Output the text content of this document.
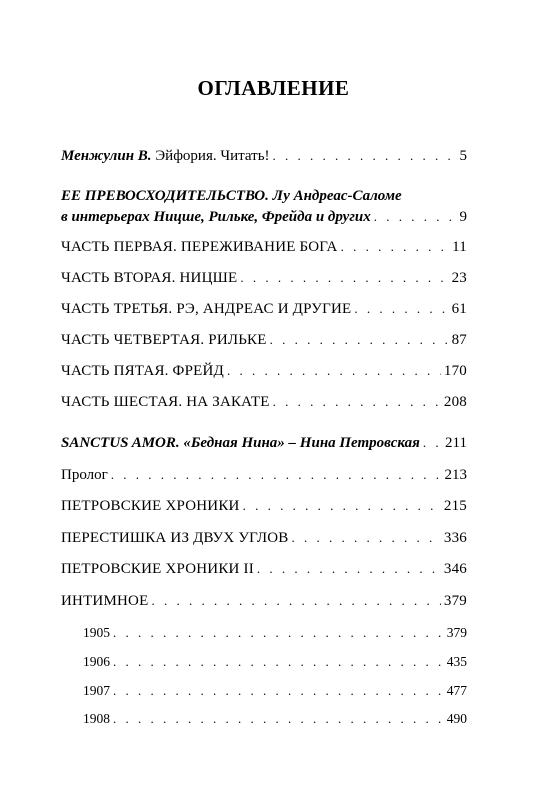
ОГЛАВЛЕНИЕ
Менжулин В. Эйфория. Читать! . . .	5
ЕЕ ПРЕВОСХОДИТЕЛЬСТВО. Лу Андреас-Саломе
в интерьерах Ницше, Рильке, Фрейда и других . . .	9
ЧАСТЬ ПЕРВАЯ. ПЕРЕЖИВАНИЕ БОГА . . .	11
ЧАСТЬ ВТОРАЯ. НИЦШЕ . . .	23
ЧАСТЬ ТРЕТЬЯ. РЭ, АНДРЕАС И ДРУГИЕ . . .	61
ЧАСТЬ ЧЕТВЕРТАЯ. РИЛЬКЕ . . .	87
ЧАСТЬ ПЯТАЯ. ФРЕЙД . . .	170
ЧАСТЬ ШЕСТАЯ. НА ЗАКАТЕ . . .	208
SANCTUS AMOR. «Бедная Нина» – Нина Петровская . . . 211
Пролог . . .	213
ПЕТРОВСКИЕ ХРОНИКИ . . .	215
ПЕРЕСТИШКА ИЗ ДВУХ УГЛОВ . . .	336
ПЕТРОВСКИЕ ХРОНИКИ II . . .	346
ИНТИМНОЕ . . .	379
1905 . . .	379
1906 . . .	435
1907 . . .	477
1908 . . .	490
